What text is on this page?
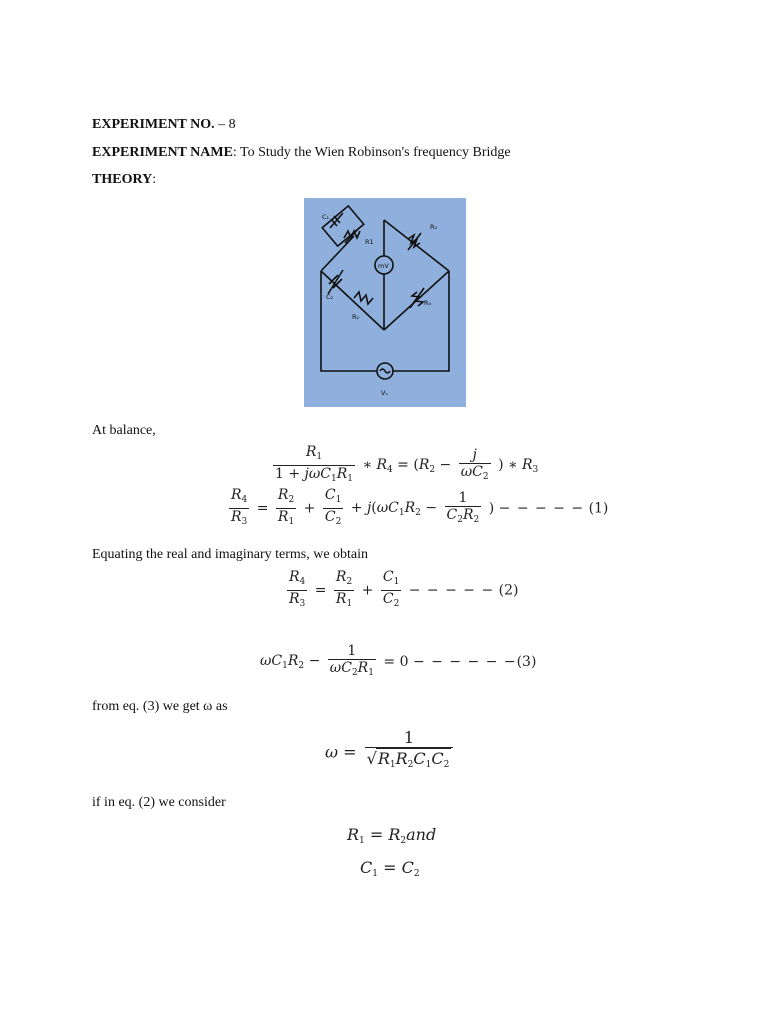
EXPERIMENT NO. – 8
EXPERIMENT NAME: To Study the Wien Robinson's frequency Bridge
THEORY:
C₁
R1
R₃
mV
C₂
R₄
R₂
Vₛ
At balance,
$\frac{R_1}{1 + j\omega C_1R_1}$ ∗ $R_4 = (R_2 - \frac{j}{\omega C_2}$ ) ∗ $R_3$
$\frac{R_4}{R_3} = \frac{R_2}{R_1} + \frac{C_1}{C_2} + j(\omega C_1R_2 - \frac{1}{C_2R_2}$ ) − − − − − (1)
Equating the real and imaginary terms, we obtain
$\frac{R_4}{R_3} = \frac{R_2}{R_1} + \frac{C_1}{C_2}$ − − − − − (2)
$\omega C_1R_2 - \frac{1}{\omega C_2R_1} = 0$ − − − − − −(3)
from eq. (3) we get ω as
$\omega = \frac{1}{√R_1R_2C_1C_2}$
if in eq. (2) we consider
$R_1 = R_2and$
$C_1 = C_2$
